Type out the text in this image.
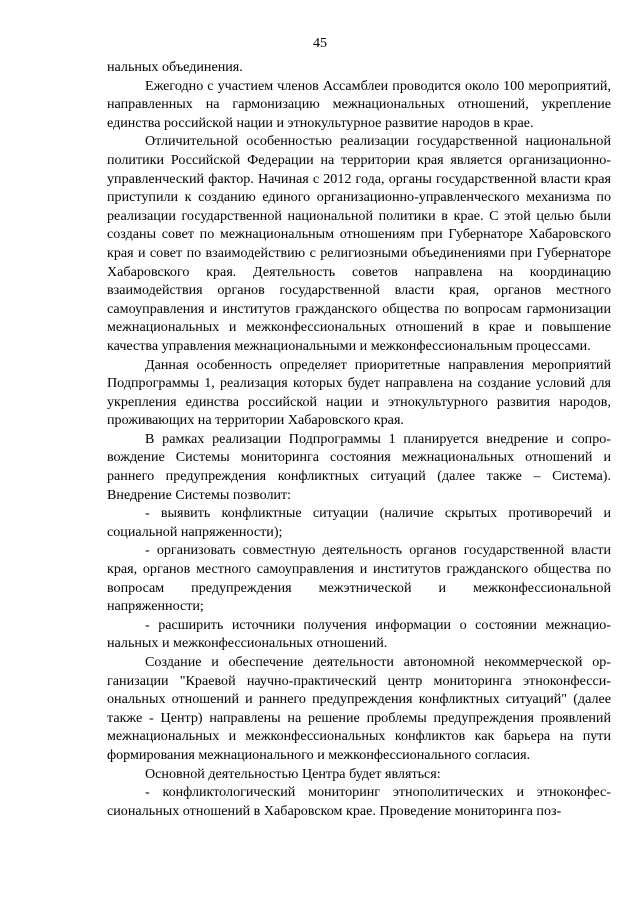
45

нальных объединения.

Ежегодно с участием членов Ассамблеи проводится около 100 мероприятий, направленных на гармонизацию межнациональных отношений, укрепление единства российской нации и этнокультурное развитие народов в крае.

Отличительной особенностью реализации государственной национальной политики Российской Федерации на территории края является организационно-управленческий фактор. Начиная с 2012 года, органы государственной власти края приступили к созданию единого организационно-управленческого механизма по реализации государственной национальной политики в крае. С этой целью были созданы совет по межнациональным отношениям при Губернаторе Хабаровского края и совет по взаимодействию с религиозными объединениями при Губернаторе Хабаровского края. Деятельность советов направлена на координацию взаимодействия органов государственной власти края, органов местного самоуправления и институтов гражданского общества по вопросам гармонизации межнациональных и межконфессиональных отношений в крае и повышение качества управления межнациональными и межконфессиональным процессами.

Данная особенность определяет приоритетные направления мероприятий Подпрограммы 1, реализация которых будет направлена на создание условий для укрепления единства российской нации и этнокультурного развития народов, проживающих на территории Хабаровского края.

В рамках реализации Подпрограммы 1 планируется внедрение и сопровождение Системы мониторинга состояния межнациональных отношений и раннего предупреждения конфликтных ситуаций (далее также – Система). Внедрение Системы позволит:

- выявить конфликтные ситуации (наличие скрытых противоречий и социальной напряженности);

- организовать совместную деятельность органов государственной власти края, органов местного самоуправления и институтов гражданского общества по вопросам предупреждения межэтнической и межконфессиональной напряженности;

- расширить источники получения информации о состоянии межнациональных и межконфессиональных отношений.

Создание и обеспечение деятельности автономной некоммерческой организации "Краевой научно-практический центр мониторинга этноконфессиональных отношений и раннего предупреждения конфликтных ситуаций" (далее также - Центр) направлены на решение проблемы предупреждения проявлений межнациональных и межконфессиональных конфликтов как барьера на пути формирования межнационального и межконфессионального согласия.

Основной деятельностью Центра будет являться:

- конфликтологический мониторинг этнополитических и этноконфессиональных отношений в Хабаровском крае. Проведение мониторинга поз-
